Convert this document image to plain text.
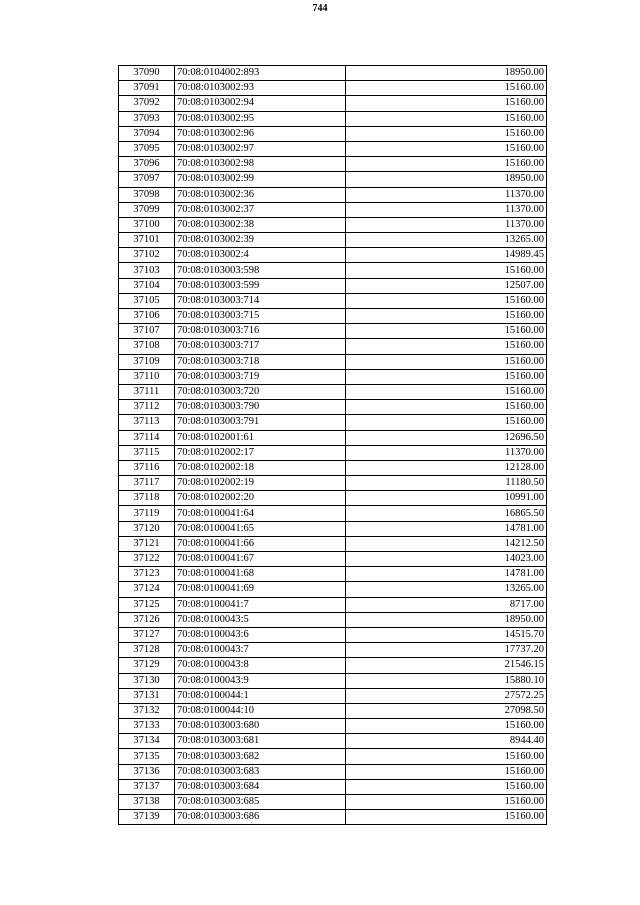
744
37090	70:08:0104002:893	18950.00
37091	70:08:0103002:93	15160.00
37092	70:08:0103002:94	15160.00
37093	70:08:0103002:95	15160.00
37094	70:08:0103002:96	15160.00
37095	70:08:0103002:97	15160.00
37096	70:08:0103002:98	15160.00
37097	70:08:0103002:99	18950.00
37098	70:08:0103002:36	11370.00
37099	70:08:0103002:37	11370.00
37100	70:08:0103002:38	11370.00
37101	70:08:0103002:39	13265.00
37102	70:08:0103002:4	14989.45
37103	70:08:0103003:598	15160.00
37104	70:08:0103003:599	12507.00
37105	70:08:0103003:714	15160.00
37106	70:08:0103003:715	15160.00
37107	70:08:0103003:716	15160.00
37108	70:08:0103003:717	15160.00
37109	70:08:0103003:718	15160.00
37110	70:08:0103003:719	15160.00
37111	70:08:0103003:720	15160.00
37112	70:08:0103003:790	15160.00
37113	70:08:0103003:791	15160.00
37114	70:08:0102001:61	12696.50
37115	70:08:0102002:17	11370.00
37116	70:08:0102002:18	12128.00
37117	70:08:0102002:19	11180.50
37118	70:08:0102002:20	10991.00
37119	70:08:0100041:64	16865.50
37120	70:08:0100041:65	14781.00
37121	70:08:0100041:66	14212.50
37122	70:08:0100041:67	14023.00
37123	70:08:0100041:68	14781.00
37124	70:08:0100041:69	13265.00
37125	70:08:0100041:7	8717.00
37126	70:08:0100043:5	18950.00
37127	70:08:0100043:6	14515.70
37128	70:08:0100043:7	17737.20
37129	70:08:0100043:8	21546.15
37130	70:08:0100043:9	15880.10
37131	70:08:0100044:1	27572.25
37132	70:08:0100044:10	27098.50
37133	70:08:0103003:680	15160.00
37134	70:08:0103003:681	8944.40
37135	70:08:0103003:682	15160.00
37136	70:08:0103003:683	15160.00
37137	70:08:0103003:684	15160.00
37138	70:08:0103003:685	15160.00
37139	70:08:0103003:686	15160.00
